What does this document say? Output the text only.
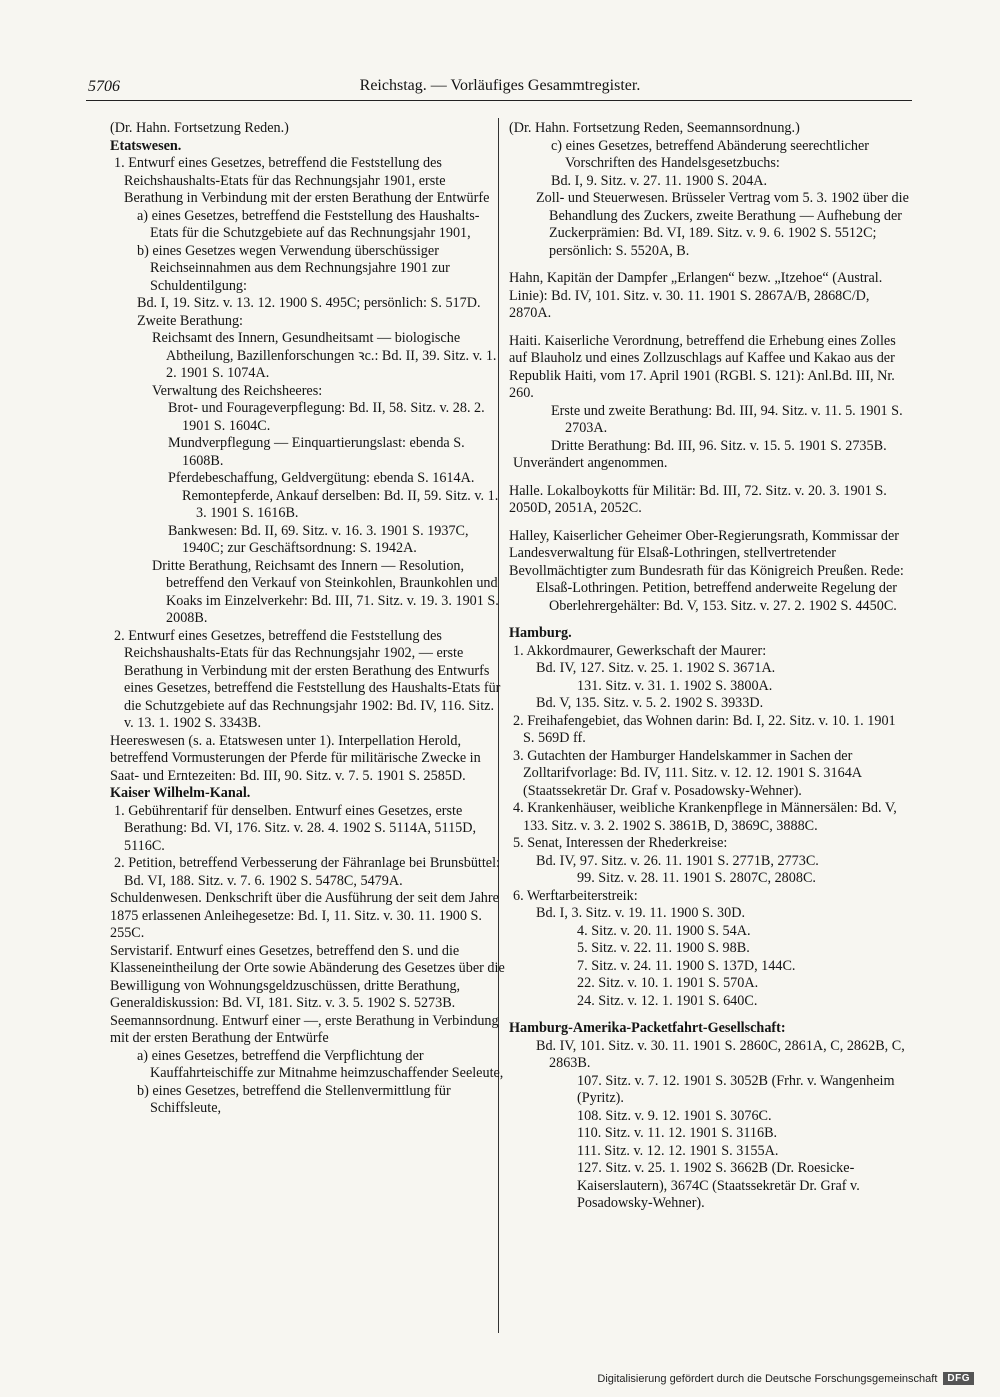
5706	Reichstag. — Vorläufiges Gesammtregister.
(Dr. Hahn. Fortsetzung Reden.)
Etatswesen.
1. Entwurf eines Gesetzes, betreffend die Feststellung des Reichshaushalts-Etats für das Rechnungsjahr 1901, erste Berathung in Verbindung mit der ersten Berathung der Entwürfe
a) eines Gesetzes, betreffend die Feststellung des Haushalts-Etats für die Schutzgebiete auf das Rechnungsjahr 1901,
b) eines Gesetzes wegen Verwendung überschüssiger Reichseinnahmen aus dem Rechnungsjahre 1901 zur Schuldentilgung:
Bd. I, 19. Sitz. v. 13. 12. 1900 S. 495C; persönlich: S. 517D.
Zweite Berathung:
Reichsamt des Innern, Gesundheitsamt — biologische Abtheilung, Bazillenforschungen ꝛc.: Bd. II, 39. Sitz. v. 1. 2. 1901 S. 1074A.
Verwaltung des Reichsheeres:
Brot- und Fourageverpflegung: Bd. II, 58. Sitz. v. 28. 2. 1901 S. 1604C.
Mundverpflegung — Einquartierungslast: ebenda S. 1608B.
Pferdebeschaffung, Geldvergütung: ebenda S. 1614A.
Remontepferde, Ankauf derselben: Bd. II, 59. Sitz. v. 1. 3. 1901 S. 1616B.
Bankwesen: Bd. II, 69. Sitz. v. 16. 3. 1901 S. 1937C, 1940C; zur Geschäftsordnung: S. 1942A.
Dritte Berathung, Reichsamt des Innern — Resolution, betreffend den Verkauf von Steinkohlen, Braunkohlen und Koaks im Einzelverkehr: Bd. III, 71. Sitz. v. 19. 3. 1901 S. 2008B.
2. Entwurf eines Gesetzes, betreffend die Feststellung des Reichshaushalts-Etats für das Rechnungsjahr 1902, — erste Berathung in Verbindung mit der ersten Berathung des Entwurfs eines Gesetzes, betreffend die Feststellung des Haushalts-Etats für die Schutzgebiete auf das Rechnungsjahr 1902: Bd. IV, 116. Sitz. v. 13. 1. 1902 S. 3343B.
Heereswesen (s. a. Etatswesen unter 1). Interpellation Herold, betreffend Vormusterungen der Pferde für militärische Zwecke in Saat- und Erntezeiten: Bd. III, 90. Sitz. v. 7. 5. 1901 S. 2585D.
Kaiser Wilhelm-Kanal.
1. Gebührentarif für denselben. Entwurf eines Gesetzes, erste Berathung: Bd. VI, 176. Sitz. v. 28. 4. 1902 S. 5114A, 5115D, 5116C.
2. Petition, betreffend Verbesserung der Fähranlage bei Brunsbüttel: Bd. VI, 188. Sitz. v. 7. 6. 1902 S. 5478C, 5479A.
Schuldenwesen. Denkschrift über die Ausführung der seit dem Jahre 1875 erlassenen Anleihegesetze: Bd. I, 11. Sitz. v. 30. 11. 1900 S. 255C.
Servistarif. Entwurf eines Gesetzes, betreffend den S. und die Klasseneintheilung der Orte sowie Abänderung des Gesetzes über die Bewilligung von Wohnungsgeldzuschüssen, dritte Berathung, Generaldiskussion: Bd. VI, 181. Sitz. v. 3. 5. 1902 S. 5273B.
Seemannsordnung. Entwurf einer —, erste Berathung in Verbindung mit der ersten Berathung der Entwürfe
a) eines Gesetzes, betreffend die Verpflichtung der Kauffahrteischiffe zur Mitnahme heimzuschaffender Seeleute,
b) eines Gesetzes, betreffend die Stellenvermittlung für Schiffsleute,
(Dr. Hahn. Fortsetzung Reden, Seemannsordnung.)
c) eines Gesetzes, betreffend Abänderung seerechtlicher Vorschriften des Handelsgesetzbuchs:
Bd. I, 9. Sitz. v. 27. 11. 1900 S. 204A.
Zoll- und Steuerwesen. Brüsseler Vertrag vom 5. 3. 1902 über die Behandlung des Zuckers, zweite Berathung — Aufhebung der Zuckerprämien: Bd. VI, 189. Sitz. v. 9. 6. 1902 S. 5512C; persönlich: S. 5520A, B.
Hahn, Kapitän der Dampfer „Erlangen“ bezw. „Itzehoe“ (Austral. Linie): Bd. IV, 101. Sitz. v. 30. 11. 1901 S. 2867A/B, 2868C/D, 2870A.
Haiti. Kaiserliche Verordnung, betreffend die Erhebung eines Zolles auf Blauholz und eines Zollzuschlags auf Kaffee und Kakao aus der Republik Haiti, vom 17. April 1901 (RGBl. S. 121): Anl.Bd. III, Nr. 260.
Erste und zweite Berathung: Bd. III, 94. Sitz. v. 11. 5. 1901 S. 2703A.
Dritte Berathung: Bd. III, 96. Sitz. v. 15. 5. 1901 S. 2735B.
Unverändert angenommen.
Halle. Lokalboykotts für Militär: Bd. III, 72. Sitz. v. 20. 3. 1901 S. 2050D, 2051A, 2052C.
Halley, Kaiserlicher Geheimer Ober-Regierungsrath, Kommissar der Landesverwaltung für Elsaß-Lothringen, stellvertretender Bevollmächtigter zum Bundesrath für das Königreich Preußen. Rede:
Elsaß-Lothringen. Petition, betreffend anderweite Regelung der Oberlehrergehälter: Bd. V, 153. Sitz. v. 27. 2. 1902 S. 4450C.
Hamburg.
1. Akkordmaurer, Gewerkschaft der Maurer:
Bd. IV, 127. Sitz. v. 25. 1. 1902 S. 3671A.
131. Sitz. v. 31. 1. 1902 S. 3800A.
Bd. V, 135. Sitz. v. 5. 2. 1902 S. 3933D.
2. Freihafengebiet, das Wohnen darin: Bd. I, 22. Sitz. v. 10. 1. 1901 S. 569D ff.
3. Gutachten der Hamburger Handelskammer in Sachen der Zolltarifvorlage: Bd. IV, 111. Sitz. v. 12. 12. 1901 S. 3164A (Staatssekretär Dr. Graf v. Posadowsky-Wehner).
4. Krankenhäuser, weibliche Krankenpflege in Männersälen: Bd. V, 133. Sitz. v. 3. 2. 1902 S. 3861B, D, 3869C, 3888C.
5. Senat, Interessen der Rhederkreise:
Bd. IV, 97. Sitz. v. 26. 11. 1901 S. 2771B, 2773C.
99. Sitz. v. 28. 11. 1901 S. 2807C, 2808C.
6. Werftarbeiterstreik:
Bd. I, 3. Sitz. v. 19. 11. 1900 S. 30D.
4. Sitz. v. 20. 11. 1900 S. 54A.
5. Sitz. v. 22. 11. 1900 S. 98B.
7. Sitz. v. 24. 11. 1900 S. 137D, 144C.
22. Sitz. v. 10. 1. 1901 S. 570A.
24. Sitz. v. 12. 1. 1901 S. 640C.
Hamburg-Amerika-Packetfahrt-Gesellschaft:
Bd. IV, 101. Sitz. v. 30. 11. 1901 S. 2860C, 2861A, C, 2862B, C, 2863B.
107. Sitz. v. 7. 12. 1901 S. 3052B (Frhr. v. Wangenheim (Pyritz).
108. Sitz. v. 9. 12. 1901 S. 3076C.
110. Sitz. v. 11. 12. 1901 S. 3116B.
111. Sitz. v. 12. 12. 1901 S. 3155A.
127. Sitz. v. 25. 1. 1902 S. 3662B (Dr. Roesicke-Kaiserslautern), 3674C (Staatssekretär Dr. Graf v. Posadowsky-Wehner).
Digitalisierung gefördert durch die Deutsche Forschungsgemeinschaft	DFG
